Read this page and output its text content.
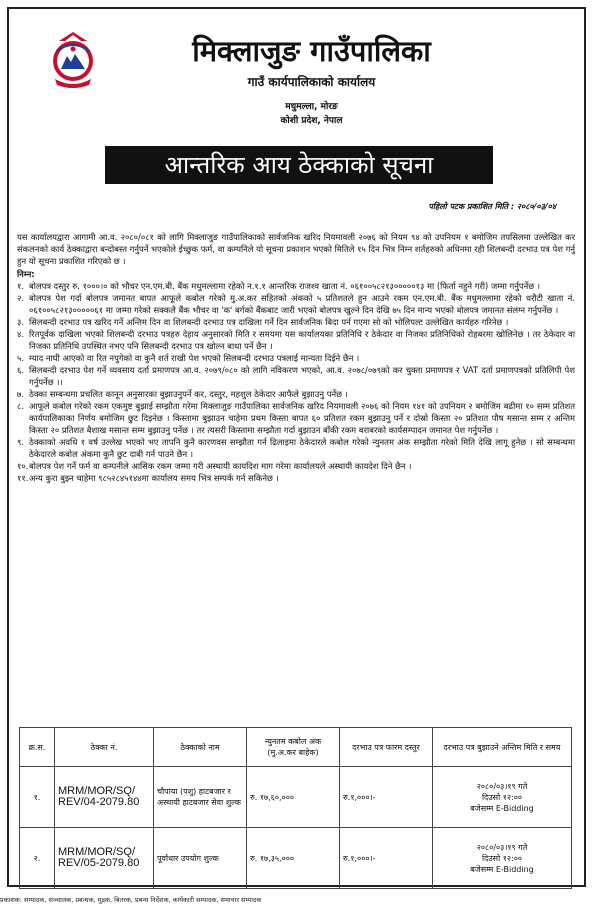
मिक्लाजुङ गाउँपालिका
गाउँ कार्यपालिकाको कार्यालय
मधुमल्ला, मोरङ
कोशी प्रदेश, नेपाल
आन्तरिक आय ठेक्काको सूचना
पहिलो पटक प्रकाशित मिति : २०८०/०३/०४

यस कार्यालयद्वारा आगामी आ.व. २०८०/०८१ को लागि मिक्लाजुङ गाउँपालिकाको सार्वजनिक खरिद नियमावली २०७६ को नियम ९४ को उपनियम १ बमोजिम तपसिलमा उल्लेखित कर संकलनको कार्य ठेक्काद्वारा बन्दोबस्त गर्नुपर्ने भएकोले ईच्छुक फर्म, वा कम्पनिले यो सूचना प्रकाशन भएको मितिले १५ दिन भित्र निम्न शर्तहरुको अधिनमा रही शिलबन्दी दरभाउ पत्र पेश गर्नु हुन यो सूचना प्रकाशित गरिएको छ ।

निम्न:

१. बोलपत्र दस्तुर रु. १०००।० को भौचर एन.एम.बी. बैंक मधुमल्लामा रहेको न.१.१ आन्तरिक राजश्व खाता नं. ०६१००५८२१३०००००१३ मा (फिर्ता नहुने गरी) जम्मा गर्नुपर्नेछ ।
२. बोलपत्र पेश गर्दा बोलपत्र जमानत बापत आफूले कबोल गरेको मु.अ.कर सहितको अंकको ५ प्रतिशतले हुन आउने रकम एन.एम.बी. बैंक मधुमल्लामा रहेको धरौटी खाता नं. ०६१००५८२१३०००००६१ मा जम्मा गरेको सक्कलै बैंक भौचर वा 'क' बर्गको बैंकबाट जारी भएको बोलपत्र खुल्ने दिन देखि ७५ दिन मान्य भएको बोलपत्र जमानत संलग्न गर्नुपर्नेछ ।
३. सिलबन्दी दरभाउ पत्र खरिद गर्ने अन्तिम दिन वा शिलबन्दी दरभाउ पत्र दाखिला गर्ने दिन सार्वजनिक बिदा पर्न गएमा सो को भोलिपल्ट उल्लेखित कार्यहरु गरिनेछ ।
४. रितपूर्वक दाखिला भएको शिलबन्दी दरभाउ पत्रहरु देहाय अनुसारको मिति र समयमा यस कार्यालयका प्रतिनिधि र ठेकेदार वा निजका प्रतिनिधिको रोहबरमा खोलिनेछ । तर ठेकेदार वा निजका प्रतिनिधि उपस्थित नभए पनि सिलबन्दी दरभाउ पत्र खोल्न बाधा पर्ने छैन ।
५. म्याद नाघी आएको वा रित नपुगेको वा कुनै शर्त राखी पेश भएको सिलबन्दी दरभाउ पत्रलाई मान्यता दिईने छैन ।
६. सिलबन्दी दरभाउ पेश गर्ने व्यवसाय दर्ता प्रमाणपत्र आ.व. २०७९/०८० को लागि नविकरण भएको, आ.व. २०७८/०७९को कर चुक्ता प्रमाणपत्र र VAT दर्ता प्रमाणपत्रको प्रतिलिपी पेश गर्नुपर्नेछ ।।
७. ठेक्का सम्बन्धमा प्रचलित कानून अनुसारका बुझाउनुपर्ने कर, दस्तुर, महशुल ठेकेदार आफैले बुझाउनु पर्नेछ ।
८. आफूले कबोल गरेको रकम एकमुष्ट बुझाई सम्झौता गरेमा मिक्लाजुङ गाउँपालिका सार्वजनिक खरिद नियमावली २०७६ को नियम १४१ को उपनियम २ बमोजिम बढीमा १० सम्म प्रतिशत कार्यपालिकाका निर्णय बमोजिम छुट दिइनेछ । किस्तामा बुझाउन चाहेमा प्रथम किस्ता बापत ६० प्रतिशत रकम बुझाउनु पर्ने र दोस्रो किस्ता २० प्रतिशत पौष मसान्त सम्म र अन्तिम किस्ता २० प्रतिशत बैशाख मसान्त सम्म बुझाउनु पर्नेछ । तर त्यसरी किस्तामा सम्झौता गर्दा बुझाउन बाँकी रकम बराबरको कार्यसम्पादन जमानत पेश गर्नुपर्नेछ ।
९. ठेक्काको अवधि १ वर्ष उल्लेख भएको भए तापनि कुनै कारणवस सम्झौता गर्न ढिलाइमा ठेकेदारले कबोल गरेको न्युनतम अंक सम्झौता गरेको मिति देखि लागू हुनेछ । सो सम्बन्धमा ठेकेदारले कबोल अंकमा कुनै छुट दाबी गर्न पाउने छैन ।
१०. बोलपत्र पेश गर्ने फर्म वा कम्पनीले आसिक रकम जम्मा गरी अस्थायी कायदिश माग गरेमा कार्यालयले अस्थायी कायदेश दिने छैन ।
११. अन्य कुरा बुझ्न चाहेमा ९८५२८४५१४४मा कार्यालय समय भित्र सम्पर्क गर्न सकिनेछ ।
क्र.स.	ठेक्का नं.	ठेक्काको नाम	न्युनतम कबोल अंक (मु.अ.कर बाहेक)	दरभाउ पत्र फारम दस्तुर	दरभाउ पत्र बुझाउने अन्तिम मिति र समय
१.	MRM/MOR/SQ/ REV/04-2079.80	चौपाया (पशु) हाटबजार र अस्थायी हाटबजार सेवा शुल्क	रु. १७,६०,०००	रु.१,०००।-	२०८०/०३।१९ गते
दिउसो १२:००
बजेसम्म E-Bidding

२.	MRM/MOR/SQ/ REV/05-2079.80	पूर्वाधार उपयोग शुल्क	रु. १७,३५,०००	रु.१,०००।-	२०८०/०३।१९ गते
दिउसो १२:००
बजेसम्म E-Bidding
प्रकाशक: सम्पादक, सञ्चालक, प्रबन्धक, मुद्रक, बितरक, प्रबन्ध निर्देशक, कार्यकारी सम्पादक, समाचार सम्पादक
